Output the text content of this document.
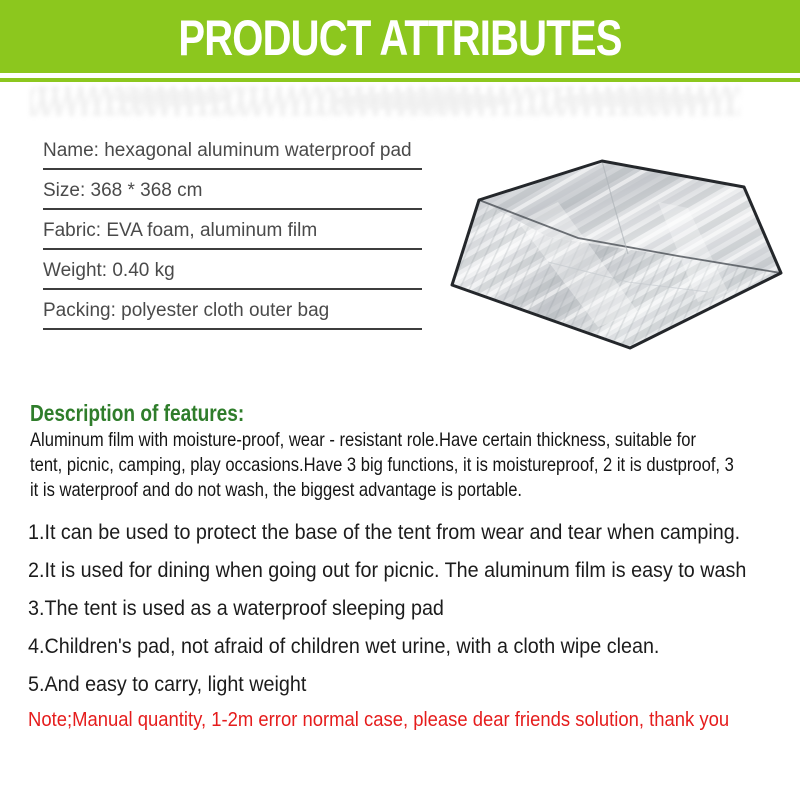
PRODUCT ATTRIBUTES
Name: hexagonal aluminum waterproof pad
Size: 368 * 368 cm
Fabric: EVA foam, aluminum film
Weight: 0.40 kg
Packing: polyester cloth outer bag
Description of features:
Aluminum film with moisture-proof, wear - resistant role.Have certain thickness, suitable for
tent, picnic, camping, play occasions.Have 3 big functions, it is moistureproof, 2 it is dustproof, 3
it is waterproof and do not wash, the biggest advantage is portable.

1.It can be used to protect the base of the tent from wear and tear when camping.

2.It is used for dining when going out for picnic. The aluminum film is easy to wash

3.The tent is used as a waterproof sleeping pad

4.Children's pad, not afraid of children wet urine, with a cloth wipe clean.

5.And easy to carry, light weight

Note;Manual quantity, 1-2m error normal case, please dear friends solution, thank you
